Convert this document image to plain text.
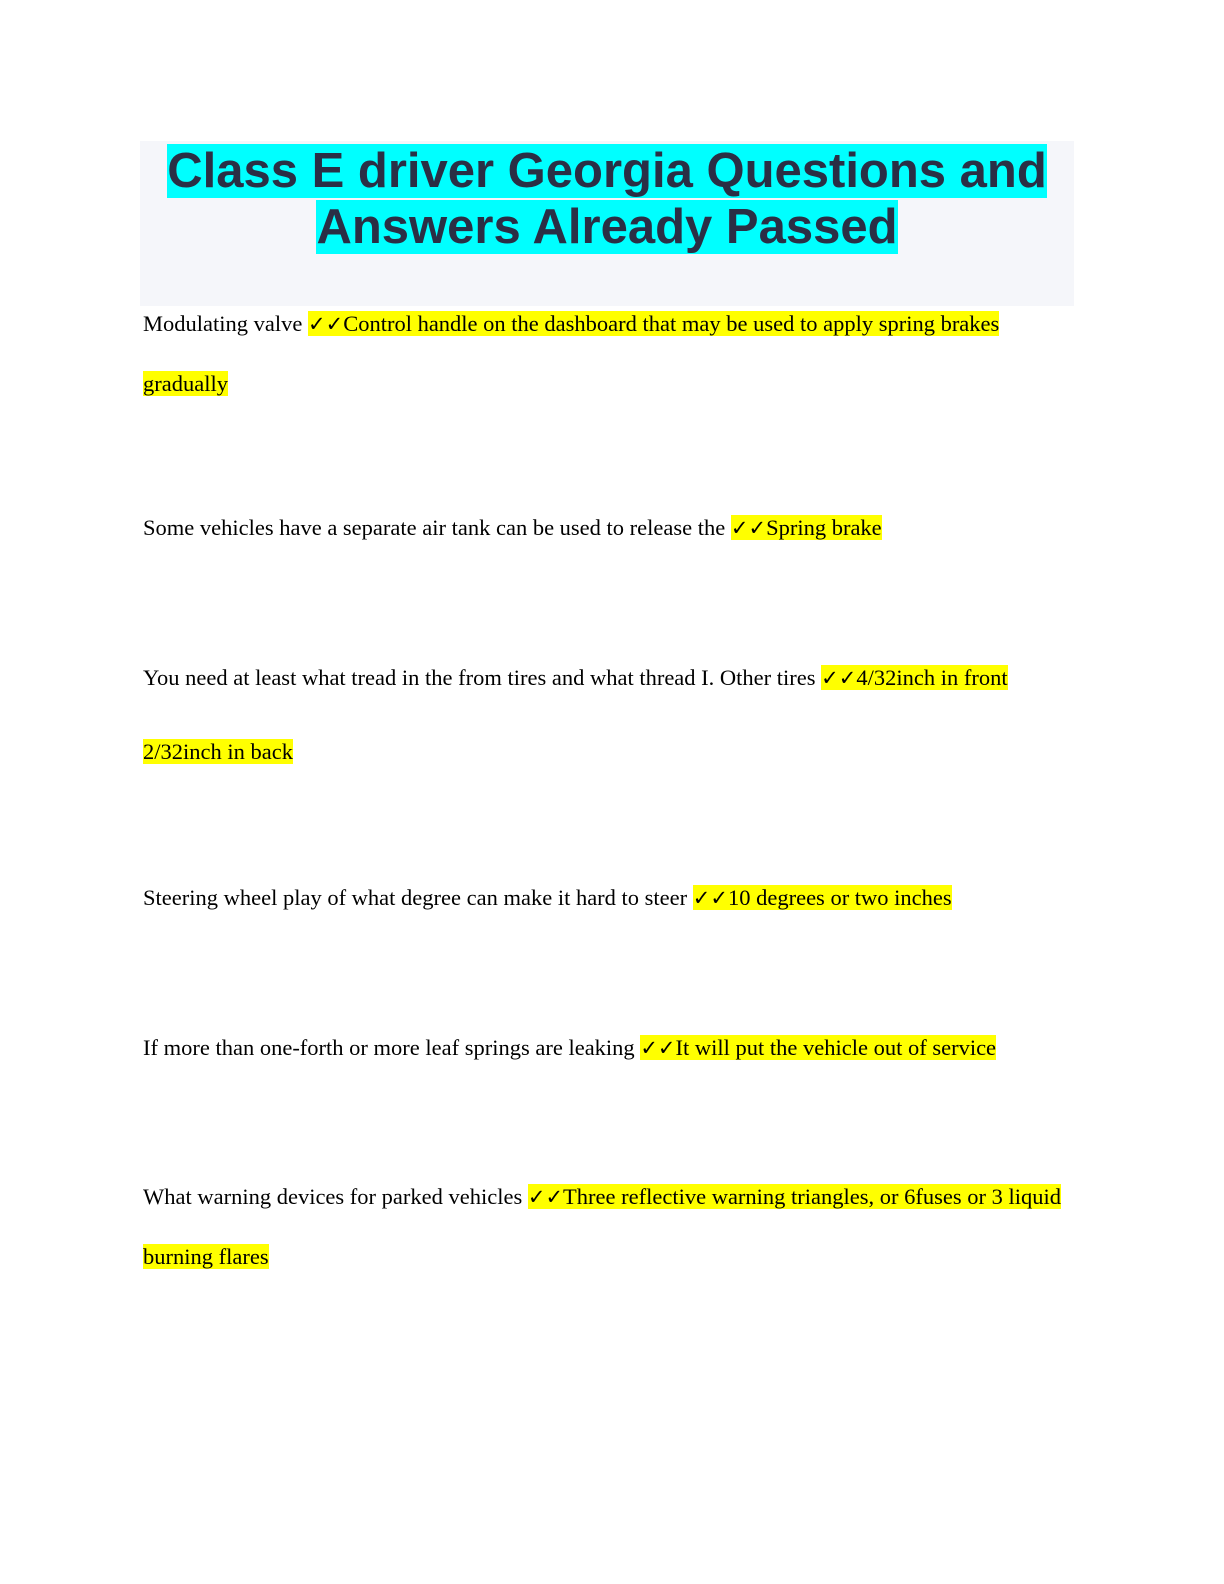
Class E driver Georgia Questions and
Answers Already Passed
Modulating valve ✓✓Control handle on the dashboard that may be used to apply spring brakes gradually
Some vehicles have a separate air tank can be used to release the ✓✓Spring brake
You need at least what tread in the from tires and what thread I. Other tires ✓✓4/32inch in front 2/32inch in back
Steering wheel play of what degree can make it hard to steer ✓✓10 degrees or two inches
If more than one-forth or more leaf springs are leaking ✓✓It will put the vehicle out of service
What warning devices for parked vehicles ✓✓Three reflective warning triangles, or 6fuses or 3 liquid burning flares
